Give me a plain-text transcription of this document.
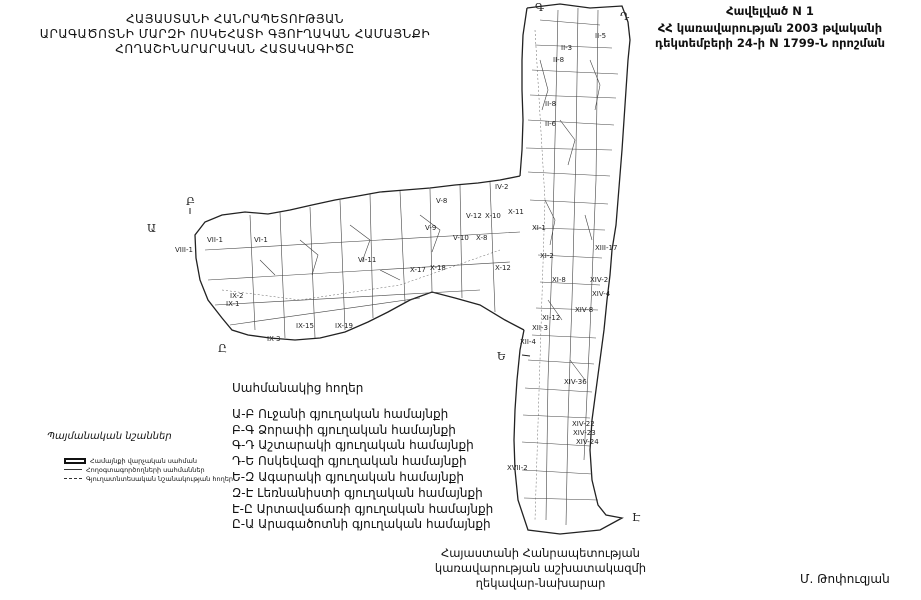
ՀԱՅԱՍՏԱՆԻ ՀԱՆՐԱՊԵՏՈՒԹՅԱՆ
ԱՐԱԳԱԾՈՏՆԻ ՄԱՐԶԻ ՈՍԿԵՀԱՏԻ ԳՅՈՒՂԱԿԱՆ ՀԱՄԱՅՆՔԻ
ՀՈՂԱՇԻՆԱՐԱՐԱԿԱՆ ՀԱՏԱԿԱԳԻԾԸ
Հավելված N 1
ՀՀ կառավարության 2003 թվականի
դեկտեմբերի 24-ի N 1799-Ն որոշման
Գ
Դ
Բ
Ա
Ը
Ե
Է
II-3
II-5
II-8
II-6
II-8
IV-2
V-8
V-12
V-9
V-10
X-10 X-11
X-8
VI-1
VI-11
VII-1
VIII-1
IX-2
IX-1
IX-3
IX-15	IX-19
X-17 X-18	X-12
XI-1
XI-2
XI-8
XI-12
XII-3
XII-4
XIII-17
XIV-2
XIV-4
XIV-8
XIV-36
XIV-22
XIV-23
XIV-24
XVII-2
Պայմանական նշաններ
Համայնքի վարչական սահման
Հողօգտագործողների սահմաններ
Գյուղատնտեսական նշանակության հողեր
Սահմանակից հողեր
Ա-Բ Ուջանի գյուղական համայնքի
Բ-Գ Ձորափի գյուղական համայնքի
Գ-Դ Աշտարակի գյուղական համայնքի
Դ-Ե Ոսկեվազի գյուղական համայնքի
Ե-Զ Ագարակի գյուղական համայնքի
Զ-Է Լեռնանիստի գյուղական համայնքի
Է-Ը Արտավաճառի գյուղական համայնքի
Ը-Ա Արագածոտնի գյուղական համայնքի
Հայաստանի Հանրապետության
կառավարության աշխատակազմի
ղեկավար-նախարար	Մ. Թոփուզյան
